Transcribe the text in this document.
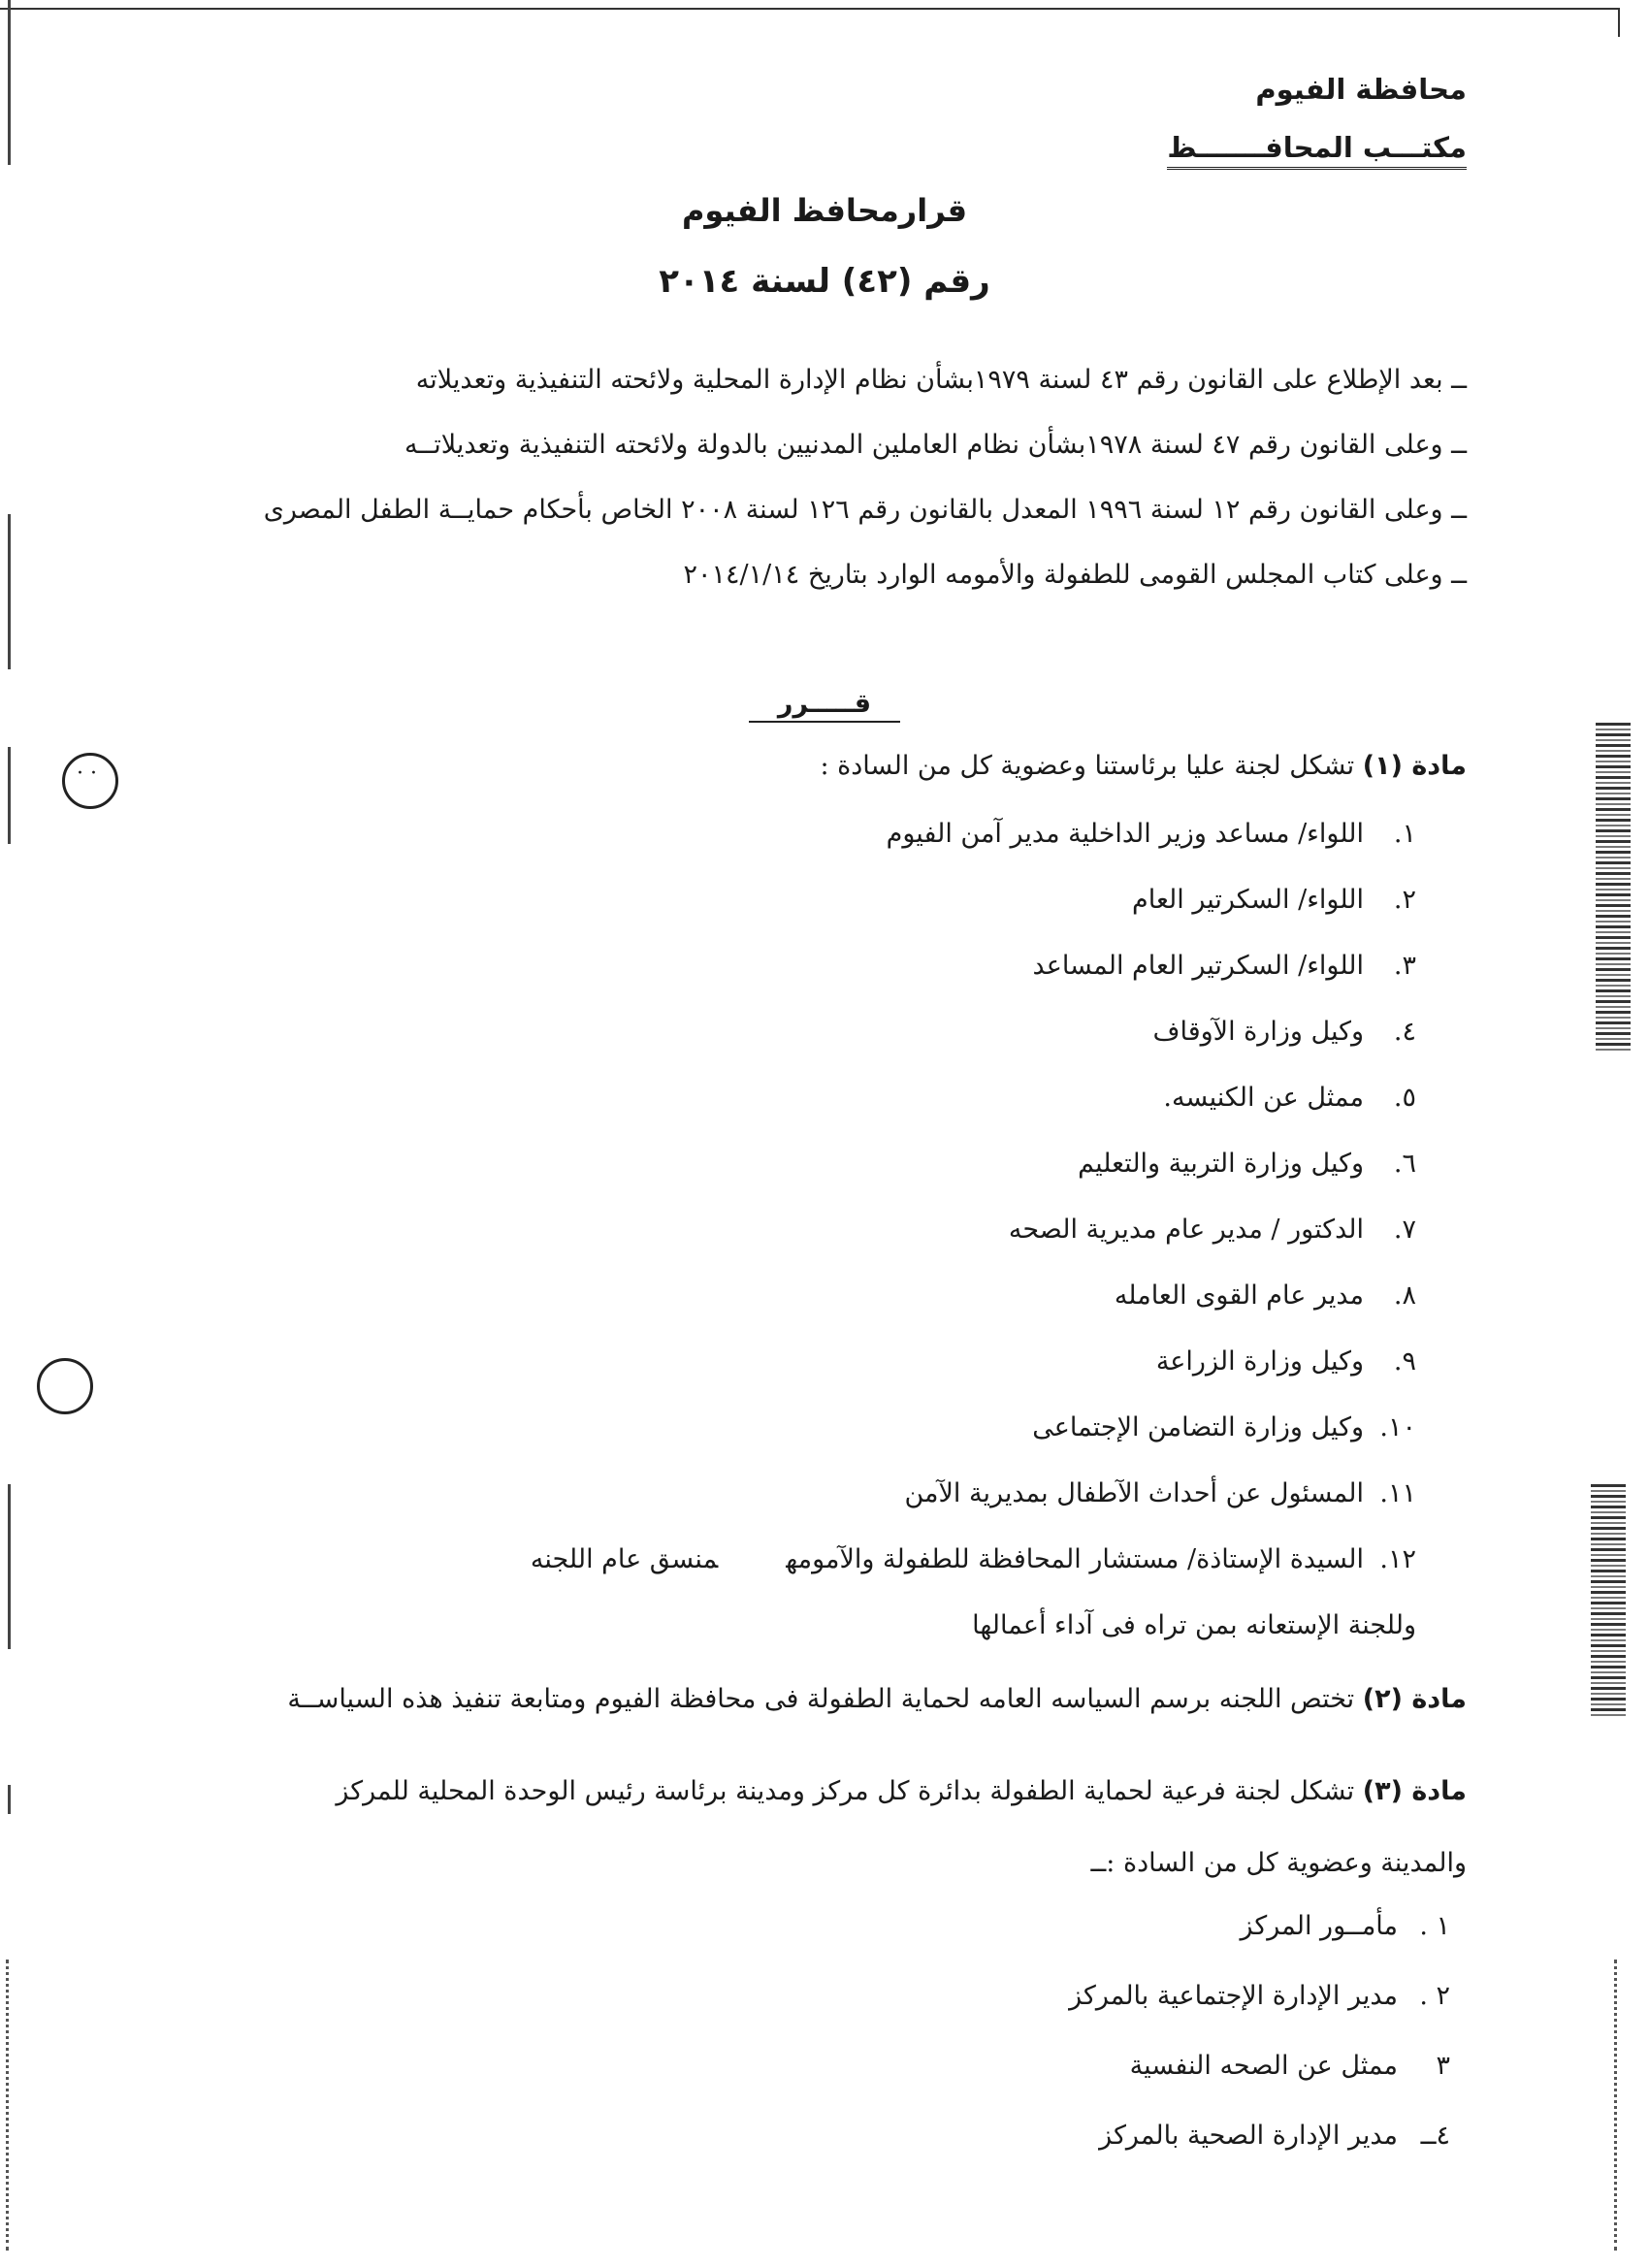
· ·
محافظة الفيوم
مكتـــب المحافـــــــظ
قرارمحافظ الفيوم
رقم (٤٢) لسنة ٢٠١٤

ــ بعد الإطلاع على القانون رقم ٤٣ لسنة ١٩٧٩بشأن نظام الإدارة المحلية ولائحته التنفيذية وتعديلاته

ــ وعلى القانون رقم ٤٧ لسنة ١٩٧٨بشأن نظام العاملين المدنيين بالدولة ولائحته التنفيذية وتعديلاتــه

ــ وعلى القانون رقم ١٢ لسنة ١٩٩٦ المعدل بالقانون رقم ١٢٦ لسنة ٢٠٠٨ الخاص بأحكام حمايــة الطفل المصرى

ــ وعلى كتاب المجلس القومى للطفولة والأمومه الوارد بتاريخ ٢٠١٤/١/١٤

قـــــرر
مادة (١) تشكل لجنة عليا برئاستنا وعضوية كل من السادة :
١.اللواء/ مساعد وزير الداخلية مدير آمن الفيوم
٢.اللواء/ السكرتير العام
٣.اللواء/ السكرتير العام المساعد
٤.وكيل وزارة الآوقاف
٥.ممثل عن الكنيسه.
٦.وكيل وزارة التربية والتعليم
٧.الدكتور / مدير عام مديرية الصحه
٨.مدير عام القوى العامله
٩.وكيل وزارة الزراعة
١٠.وكيل وزارة التضامن الإجتماعى
١١.المسئول عن أحداث الآطفال بمديرية الآمن
١٢.السيدة الإستاذة/ مستشار المحافظة للطفولة والآمومهمنسق عام اللجنه
وللجنة الإستعانه بمن تراه فى آداء أعمالها
مادة (٢) تختص اللجنه برسم السياسه العامه لحماية الطفولة فى محافظة الفيوم ومتابعة تنفيذ هذه السياســة
مادة (٣) تشكل لجنة فرعية لحماية الطفولة بدائرة كل مركز ومدينة برئاسة رئيس الوحدة المحلية للمركز والمدينة وعضوية كل من السادة :ــ
١ .مأمــور المركز
٢ .مدير الإدارة الإجتماعية بالمركز
٣ممثل عن الصحه النفسية
٤ــمدير الإدارة الصحية بالمركز
